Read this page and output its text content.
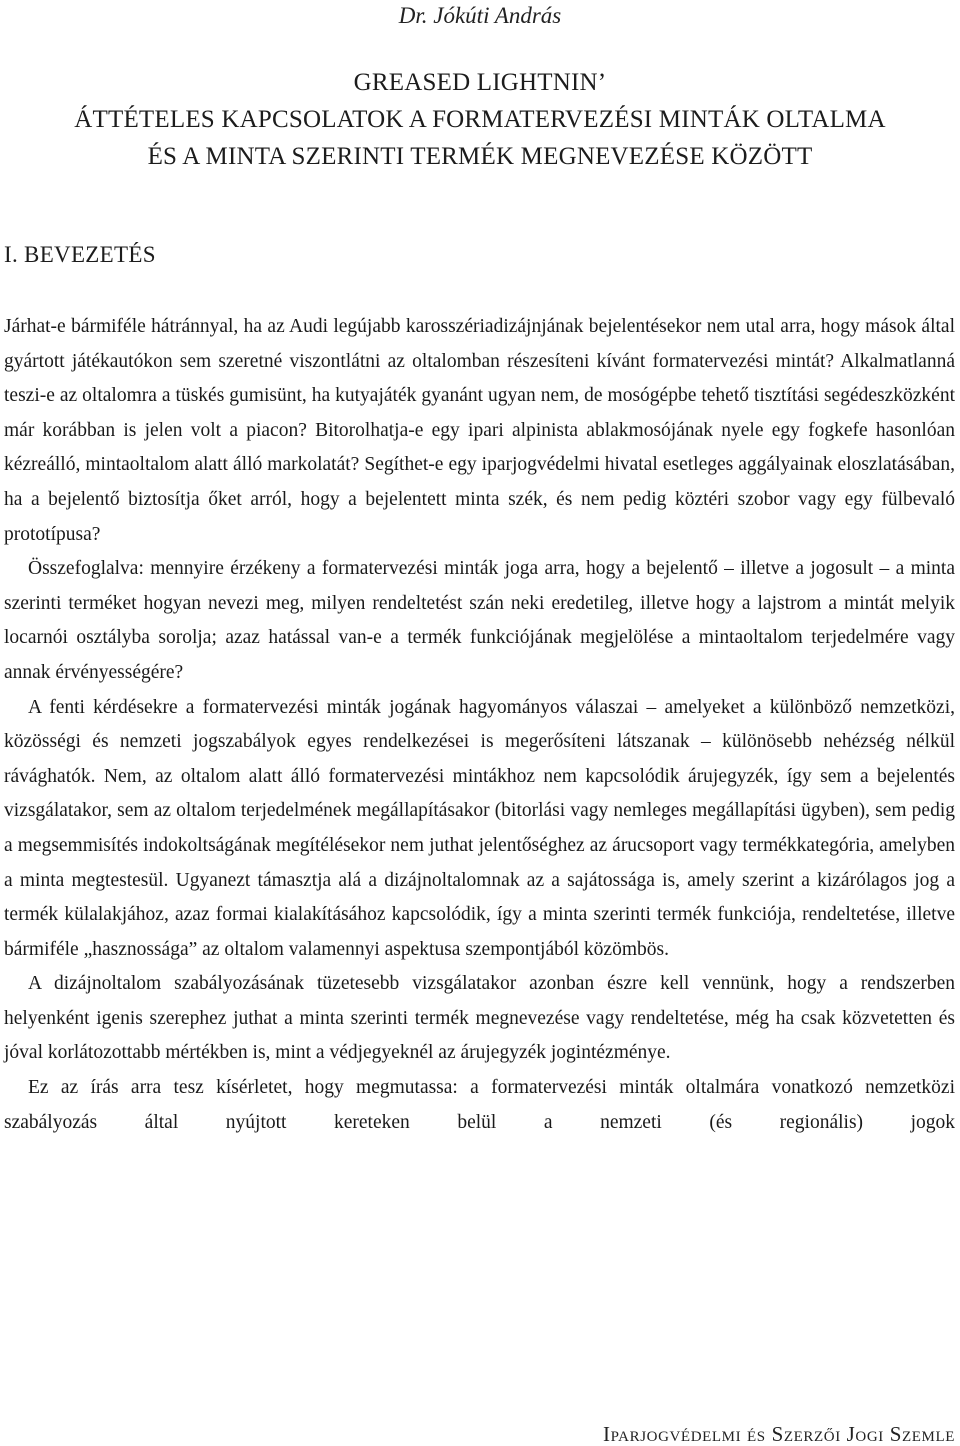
Dr. Jókúti András
GREASED LIGHTNIN’
ÁTTÉTELES KAPCSOLATOK A FORMATERVEZÉSI MINTÁK OLTALMA
ÉS A MINTA SZERINTI TERMÉK MEGNEVEZÉSE KÖZÖTT
I. BEVEZETÉS

Járhat-e bármiféle hátránnyal, ha az Audi legújabb karosszériadizájnjának bejelentésekor nem utal arra, hogy mások által gyártott játékautókon sem szeretné viszontlátni az oltalomban részesíteni kívánt formatervezési mintát? Alkalmatlanná teszi-e az oltalomra a tüskés gumisünt, ha kutyajáték gyanánt ugyan nem, de mosógépbe tehető tisztítási segédeszközként már korábban is jelen volt a piacon? Bitorolhatja-e egy ipari alpinista ablakmosójának nyele egy fogkefe hasonlóan kézreálló, mintaoltalom alatt álló markolatát? Segíthet-e egy iparjogvédelmi hivatal esetleges aggályainak eloszlatásában, ha a bejelentő biztosítja őket arról, hogy a bejelentett minta szék, és nem pedig köztéri szobor vagy egy fülbevaló prototípusa?

Összefoglalva: mennyire érzékeny a formatervezési minták joga arra, hogy a bejelentő – illetve a jogosult – a minta szerinti terméket hogyan nevezi meg, milyen rendeltetést szán neki eredetileg, illetve hogy a lajstrom a mintát melyik locarnói osztályba sorolja; azaz hatással van-e a termék funkciójának megjelölése a mintaoltalom terjedelmére vagy annak érvényességére?

A fenti kérdésekre a formatervezési minták jogának hagyományos válaszai – amelyeket a különböző nemzetközi, közösségi és nemzeti jogszabályok egyes rendelkezései is megerősíteni látszanak – különösebb nehézség nélkül rávághatók. Nem, az oltalom alatt álló formatervezési mintákhoz nem kapcsolódik árujegyzék, így sem a bejelentés vizsgálatakor, sem az oltalom terjedelmének megállapításakor (bitorlási vagy nemleges megállapítási ügyben), sem pedig a megsemmisítés indokoltságának megítélésekor nem juthat jelentőséghez az árucsoport vagy termékkategória, amelyben a minta megtestesül. Ugyanezt támasztja alá a dizájnoltalomnak az a sajátossága is, amely szerint a kizárólagos jog a termék külalakjához, azaz formai kialakításához kapcsolódik, így a minta szerinti termék funkciója, rendeltetése, illetve bármiféle „hasznossága” az oltalom valamennyi aspektusa szempontjából közömbös.

A dizájnoltalom szabályozásának tüzetesebb vizsgálatakor azonban észre kell vennünk, hogy a rendszerben helyenként igenis szerephez juthat a minta szerinti termék megnevezése vagy rendeltetése, még ha csak közvetetten és jóval korlátozottabb mértékben is, mint a védjegyeknél az árujegyzék jogintézménye.

Ez az írás arra tesz kísérletet, hogy megmutassa: a formatervezési minták oltalmára vonatkozó nemzetközi szabályozás által nyújtott kereteken belül a nemzeti (és regionális) jogok

Iparjogvédelmi és Szerzői Jogi Szemle
